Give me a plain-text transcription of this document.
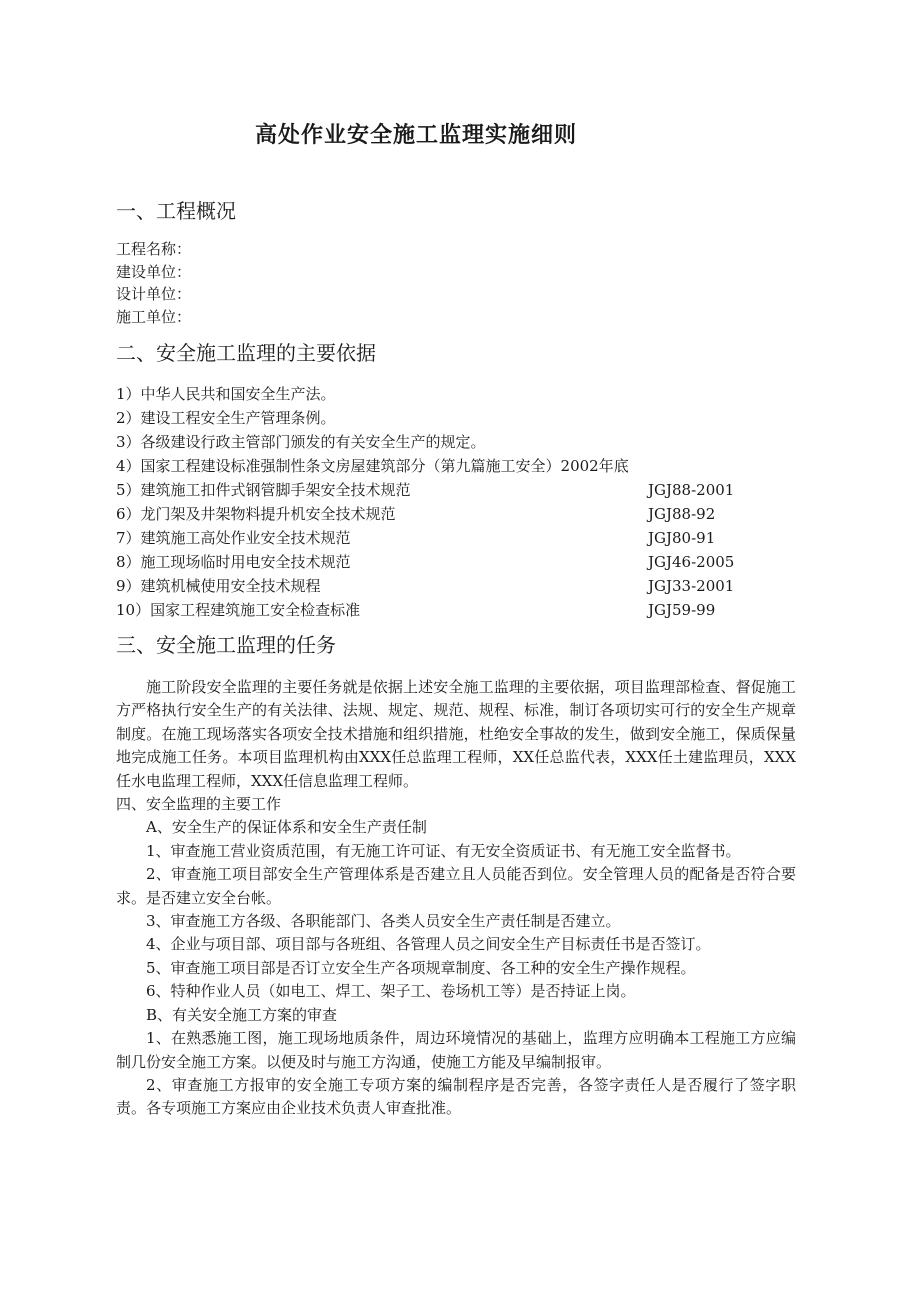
高处作业安全施工监理实施细则
一、工程概况
工程名称：
建设单位：
设计单位：
施工单位：
二、安全施工监理的主要依据
1）中华人民共和国安全生产法。
2）建设工程安全生产管理条例。
3）各级建设行政主管部门颁发的有关安全生产的规定。
4）国家工程建设标准强制性条文房屋建筑部分（第九篇施工安全）2002年底
5）建筑施工扣件式钢管脚手架安全技术规范	JGJ88-2001
6）龙门架及井架物料提升机安全技术规范	JGJ88-92
7）建筑施工高处作业安全技术规范	JGJ80-91
8）施工现场临时用电安全技术规范	JGJ46-2005
9）建筑机械使用安全技术规程	JGJ33-2001
10）国家工程建筑施工安全检查标准	JGJ59-99
三、安全施工监理的任务

施工阶段安全监理的主要任务就是依据上述安全施工监理的主要依据，项目监理部检查、督促施工方严格执行安全生产的有关法律、法规、规定、规范、规程、标准，制订各项切实可行的安全生产规章制度。在施工现场落实各项安全技术措施和组织措施，杜绝安全事故的发生，做到安全施工，保质保量地完成施工任务。本项目监理机构由XXX任总监理工程师，XX任总监代表，XXX任土建监理员，XXX任水电监理工程师，XXX任信息监理工程师。

四、安全监理的主要工作
A、安全生产的保证体系和安全生产责任制

1、审查施工营业资质范围，有无施工许可证、有无安全资质证书、有无施工安全监督书。

2、审查施工项目部安全生产管理体系是否建立且人员能否到位。安全管理人员的配备是否符合要求。是否建立安全台帐。

3、审查施工方各级、各职能部门、各类人员安全生产责任制是否建立。

4、企业与项目部、项目部与各班组、各管理人员之间安全生产目标责任书是否签订。

5、审查施工项目部是否订立安全生产各项规章制度、各工种的安全生产操作规程。

6、特种作业人员（如电工、焊工、架子工、卷场机工等）是否持证上岗。

B、有关安全施工方案的审查

1、在熟悉施工图，施工现场地质条件，周边环境情况的基础上，监理方应明确本工程施工方应编制几份安全施工方案。以便及时与施工方沟通，使施工方能及早编制报审。

2、审查施工方报审的安全施工专项方案的编制程序是否完善，各签字责任人是否履行了签字职责。各专项施工方案应由企业技术负责人审查批准。
